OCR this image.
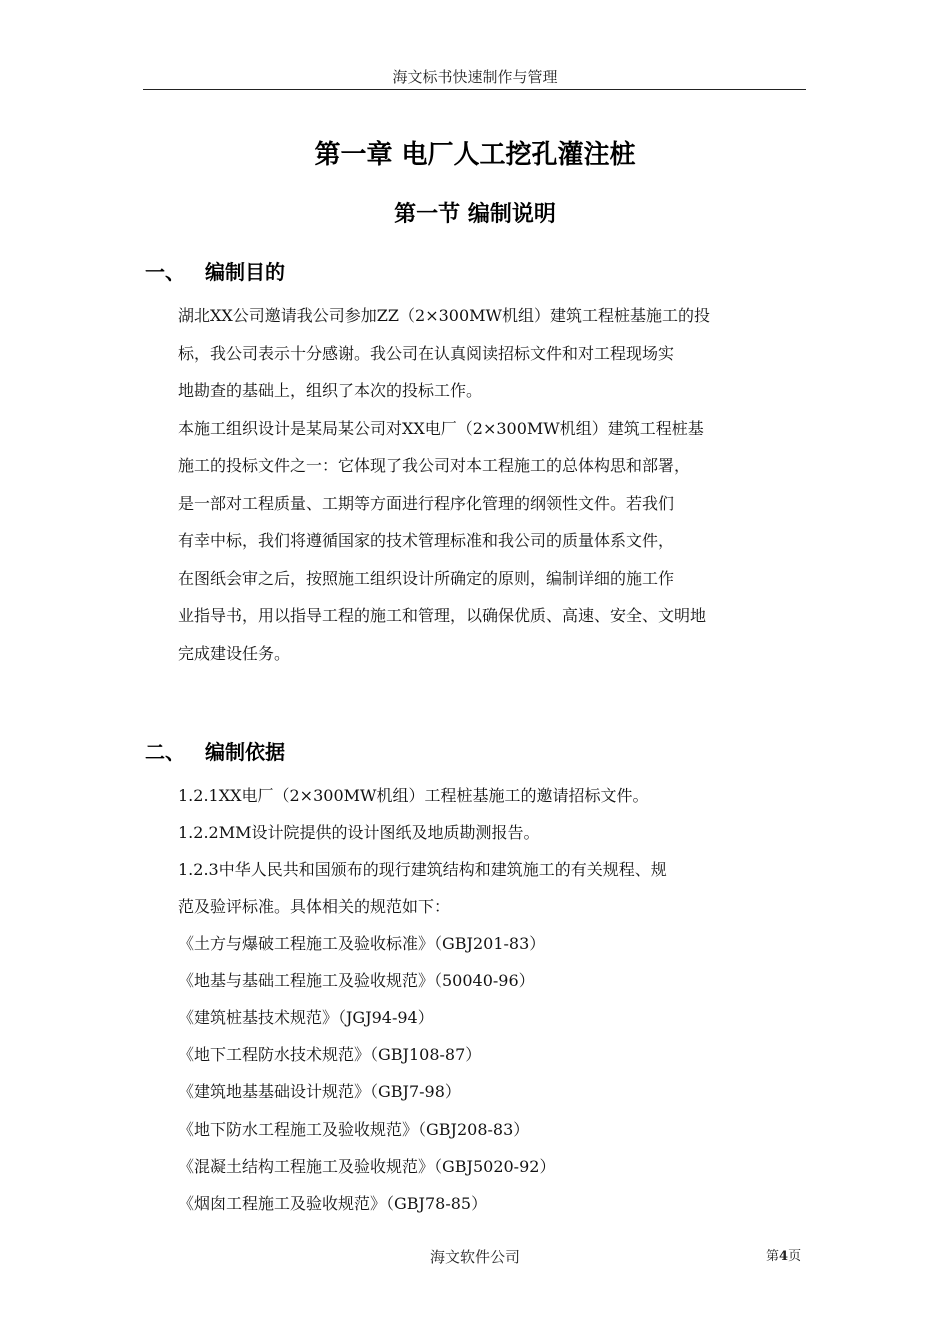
海文标书快速制作与管理
第一章 电厂人工挖孔灌注桩
第一节 编制说明
一、 编制目的
湖北XX公司邀请我公司参加ZZ（2×300MW机组）建筑工程桩基施工的投
标，我公司表示十分感谢。我公司在认真阅读招标文件和对工程现场实
地勘查的基础上，组织了本次的投标工作。
本施工组织设计是某局某公司对XX电厂（2×300MW机组）建筑工程桩基
施工的投标文件之一：它体现了我公司对本工程施工的总体构思和部署，
是一部对工程质量、工期等方面进行程序化管理的纲领性文件。若我们
有幸中标，我们将遵循国家的技术管理标准和我公司的质量体系文件，
在图纸会审之后，按照施工组织设计所确定的原则，编制详细的施工作
业指导书，用以指导工程的施工和管理，以确保优质、高速、安全、文明地
完成建设任务。
二、 编制依据
1.2.1XX电厂（2×300MW机组）工程桩基施工的邀请招标文件。
1.2.2MM设计院提供的设计图纸及地质勘测报告。
1.2.3中华人民共和国颁布的现行建筑结构和建筑施工的有关规程、规
范及验评标准。具体相关的规范如下：
《土方与爆破工程施工及验收标准》（GBJ201-83）
《地基与基础工程施工及验收规范》（50040-96）
《建筑桩基技术规范》（JGJ94-94）
《地下工程防水技术规范》（GBJ108-87）
《建筑地基基础设计规范》（GBJ7-98）
《地下防水工程施工及验收规范》（GBJ208-83）
《混凝土结构工程施工及验收规范》（GBJ5020-92）
《烟囱工程施工及验收规范》（GBJ78-85）
海文软件公司	第4页
